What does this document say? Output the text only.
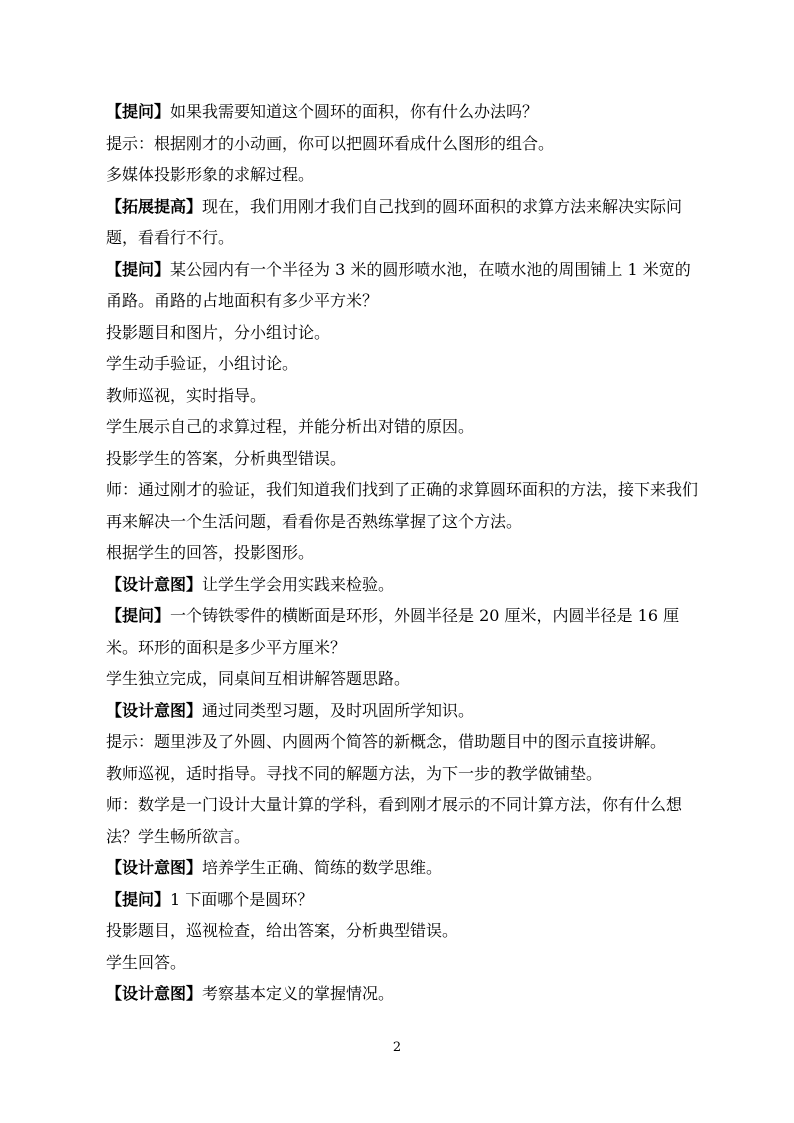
【提问】如果我需要知道这个圆环的面积，你有什么办法吗？

提示：根据刚才的小动画，你可以把圆环看成什么图形的组合。

多媒体投影形象的求解过程。

【拓展提高】现在，我们用刚才我们自己找到的圆环面积的求算方法来解决实际问题，看看行不行。

【提问】某公园内有一个半径为 3 米的圆形喷水池，在喷水池的周围铺上 1 米宽的甬路。甬路的占地面积有多少平方米？

投影题目和图片，分小组讨论。

学生动手验证，小组讨论。

教师巡视，实时指导。

学生展示自己的求算过程，并能分析出对错的原因。

投影学生的答案，分析典型错误。

师：通过刚才的验证，我们知道我们找到了正确的求算圆环面积的方法，接下来我们再来解决一个生活问题，看看你是否熟练掌握了这个方法。

根据学生的回答，投影图形。

【设计意图】让学生学会用实践来检验。

【提问】一个铸铁零件的横断面是环形，外圆半径是 20 厘米，内圆半径是 16 厘米。环形的面积是多少平方厘米？

学生独立完成，同桌间互相讲解答题思路。

【设计意图】通过同类型习题，及时巩固所学知识。

提示：题里涉及了外圆、内圆两个简答的新概念，借助题目中的图示直接讲解。

教师巡视，适时指导。寻找不同的解题方法，为下一步的教学做铺垫。

师：数学是一门设计大量计算的学科，看到刚才展示的不同计算方法，你有什么想法？学生畅所欲言。

【设计意图】培养学生正确、简练的数学思维。

【提问】1 下面哪个是圆环？

投影题目，巡视检查，给出答案，分析典型错误。

学生回答。

【设计意图】考察基本定义的掌握情况。

2
